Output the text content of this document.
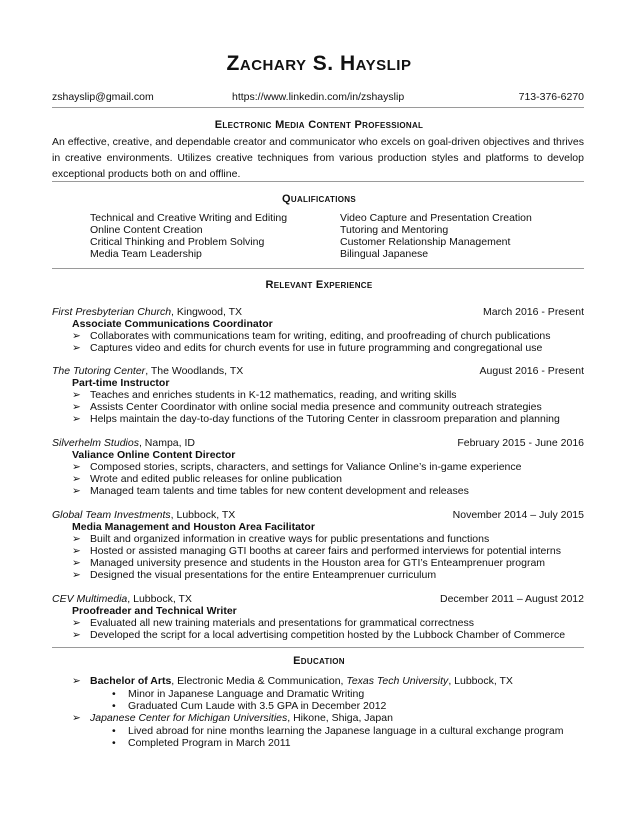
Zachary S. Hayslip
zshayslip@gmail.com	https://www.linkedin.com/in/zshayslip	713-376-6270
Electronic Media Content Professional
An effective, creative, and dependable creator and communicator who excels on goal-driven objectives and thrives in creative environments. Utilizes creative techniques from various production styles and platforms to develop exceptional products both on and offline.
Qualifications
Technical and Creative Writing and Editing
Online Content Creation
Critical Thinking and Problem Solving
Media Team Leadership
Video Capture and Presentation Creation
Tutoring and Mentoring
Customer Relationship Management
Bilingual Japanese
Relevant Experience
First Presbyterian Church, Kingwood, TX	March 2016 - Present
Associate Communications Coordinator
➢ Collaborates with communications team for writing, editing, and proofreading of church publications
➢ Captures video and edits for church events for use in future programming and congregational use
The Tutoring Center, The Woodlands, TX	August 2016 - Present
Part-time Instructor
➢ Teaches and enriches students in K-12 mathematics, reading, and writing skills
➢ Assists Center Coordinator with online social media presence and community outreach strategies
➢ Helps maintain the day-to-day functions of the Tutoring Center in classroom preparation and planning
Silverhelm Studios, Nampa, ID	February 2015 - June 2016
Valiance Online Content Director
➢ Composed stories, scripts, characters, and settings for Valiance Online’s in-game experience
➢ Wrote and edited public releases for online publication
➢ Managed team talents and time tables for new content development and releases
Global Team Investments, Lubbock, TX	November 2014 – July 2015
Media Management and Houston Area Facilitator
➢ Built and organized information in creative ways for public presentations and functions
➢ Hosted or assisted managing GTI booths at career fairs and performed interviews for potential interns
➢ Managed university presence and students in the Houston area for GTI’s Enteamprenuer program
➢ Designed the visual presentations for the entire Enteamprenuer curriculum
CEV Multimedia, Lubbock, TX	December 2011 – August 2012
Proofreader and Technical Writer
➢ Evaluated all new training materials and presentations for grammatical correctness
➢ Developed the script for a local advertising competition hosted by the Lubbock Chamber of Commerce
Education
➢ Bachelor of Arts, Electronic Media & Communication, Texas Tech University, Lubbock, TX
• Minor in Japanese Language and Dramatic Writing
• Graduated Cum Laude with 3.5 GPA in December 2012
➢ Japanese Center for Michigan Universities, Hikone, Shiga, Japan
• Lived abroad for nine months learning the Japanese language in a cultural exchange program
• Completed Program in March 2011
